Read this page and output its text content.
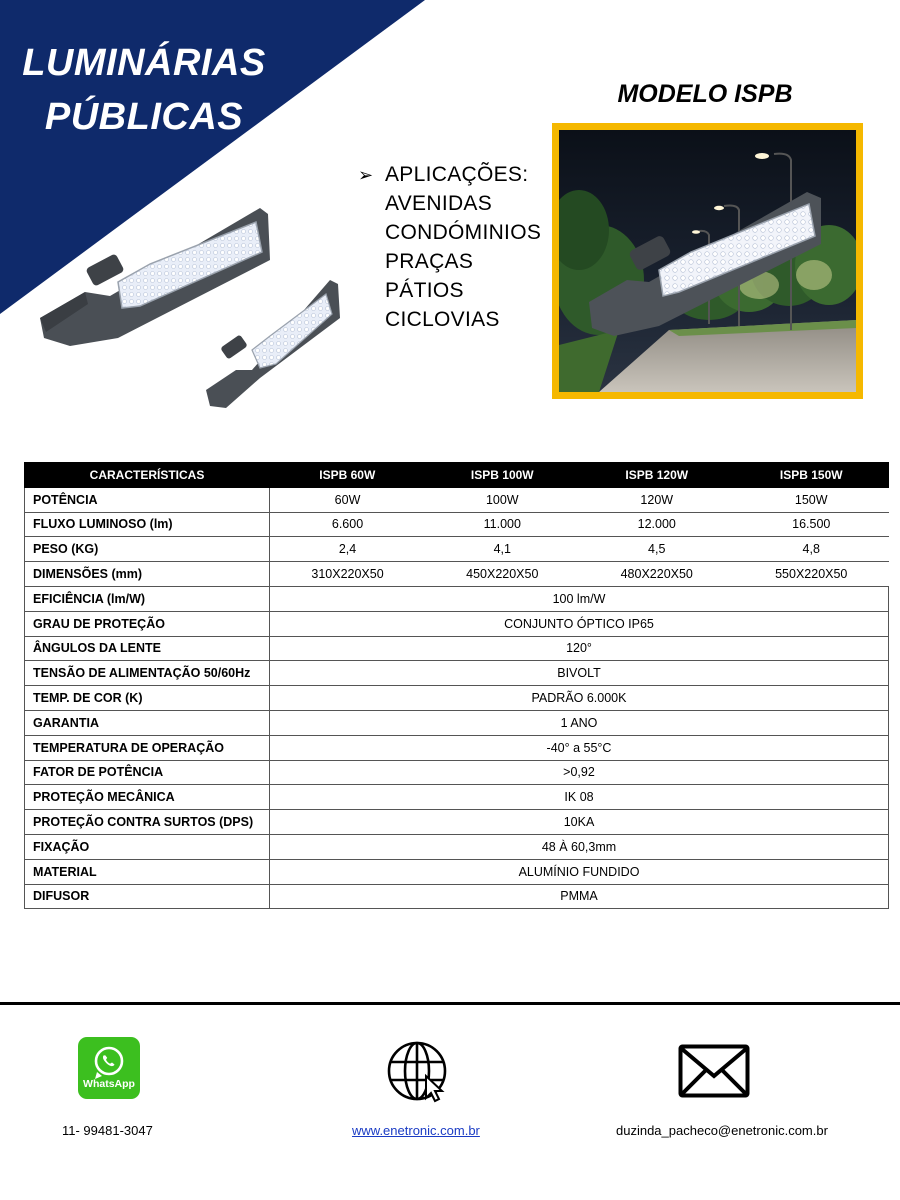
LUMINÁRIAS
PÚBLICAS
➢ APLICAÇÕES:
AVENIDAS
CONDÓMINIOS
PRAÇAS
PÁTIOS
CICLOVIAS
MODELO ISPB
CARACTERÍSTICAS	ISPB 60W	ISPB 100W	ISPB 120W	ISPB 150W
POTÊNCIA	60W	100W	120W	150W
FLUXO LUMINOSO (lm)	6.600	11.000	12.000	16.500
PESO (KG)	2,4	4,1	4,5	4,8
DIMENSÕES (mm)	310X220X50	450X220X50	480X220X50	550X220X50
EFICIÊNCIA (lm/W)	100 lm/W			
GRAU DE PROTEÇÃO	CONJUNTO ÓPTICO IP65			
ÂNGULOS DA LENTE	120°			
TENSÃO DE ALIMENTAÇÃO 50/60Hz	BIVOLT			
TEMP. DE COR (K)	PADRÃO 6.000K			
GARANTIA	1 ANO			
TEMPERATURA DE OPERAÇÃO	-40° a 55°C			
FATOR DE POTÊNCIA	>0,92			
PROTEÇÃO MECÂNICA	IK 08			
PROTEÇÃO CONTRA SURTOS (DPS)	10KA			
FIXAÇÃO	48 À 60,3mm			
MATERIAL	ALUMÍNIO FUNDIDO			
DIFUSOR	PMMA			
WhatsApp
11- 99481-3047	www.enetronic.com.br	duzinda_pacheco@enetronic.com.br
